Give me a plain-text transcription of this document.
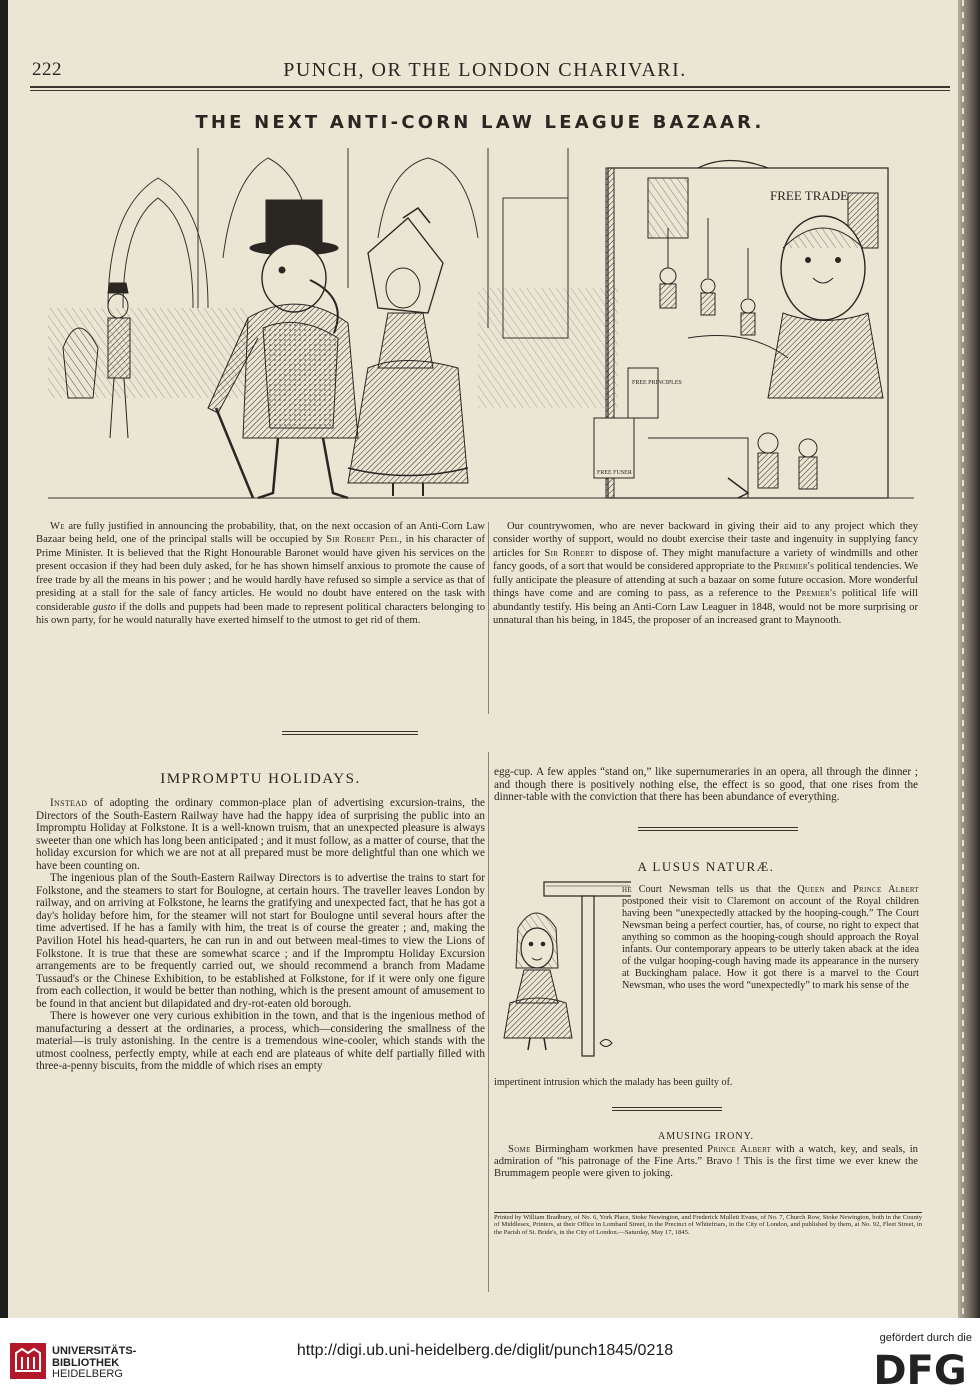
222	PUNCH, OR THE LONDON CHARIVARI.
THE NEXT ANTI-CORN LAW LEAGUE BAZAAR.
FREE TRADE
FREE PRINCIPLES
FREE FUSER

We are fully justified in announcing the probability, that, on the next occasion of an Anti-Corn Law Bazaar being held, one of the principal stalls will be occupied by Sir Robert Peel, in his character of Prime Minister. It is believed that the Right Honourable Baronet would have given his services on the present occasion if they had been duly asked, for he has shown himself anxious to promote the cause of free trade by all the means in his power ; and he would hardly have refused so simple a service as that of presiding at a stall for the sale of fancy articles. He would no doubt have entered on the task with considerable gusto if the dolls and puppets had been made to represent political characters belonging to his own party, for he would naturally have exerted himself to the utmost to get rid of them.

Our countrywomen, who are never backward in giving their aid to any project which they consider worthy of support, would no doubt exercise their taste and ingenuity in supplying fancy articles for Sir Robert to dispose of. They might manufacture a variety of windmills and other fancy goods, of a sort that would be considered appropriate to the Premier's political tendencies. We fully anticipate the pleasure of attending at such a bazaar on some future occasion. More wonderful things have come and are coming to pass, as a reference to the Premier's political life will abundantly testify. His being an Anti-Corn Law Leaguer in 1848, would not be more surprising or unnatural than his being, in 1845, the proposer of an increased grant to Maynooth.

IMPROMPTU HOLIDAYS.

Instead of adopting the ordinary common-place plan of advertising excursion-trains, the Directors of the South-Eastern Railway have had the happy idea of surprising the public into an Impromptu Holiday at Folkstone. It is a well-known truism, that an unexpected pleasure is always sweeter than one which has long been anticipated ; and it must follow, as a matter of course, that the holiday excursion for which we are not at all prepared must be more delightful than one which we have been counting on.

The ingenious plan of the South-Eastern Railway Directors is to advertise the trains to start for Folkstone, and the steamers to start for Boulogne, at certain hours. The traveller leaves London by railway, and on arriving at Folkstone, he learns the gratifying and unexpected fact, that he has got a day's holiday before him, for the steamer will not start for Boulogne until several hours after the time advertised. If he has a family with him, the treat is of course the greater ; and, making the Pavilion Hotel his head-quarters, he can run in and out between meal-times to view the Lions of Folkstone. It is true that these are somewhat scarce ; and if the Impromptu Holiday Excursion arrangements are to be frequently carried out, we should recommend a branch from Madame Tussaud's or the Chinese Exhibition, to be established at Folkstone, for if it were only one figure from each collection, it would be better than nothing, which is the present amount of amusement to be found in that ancient but dilapidated and dry-rot-eaten old borough.

There is however one very curious exhibition in the town, and that is the ingenious method of manufacturing a dessert at the ordinaries, a process, which—considering the smallness of the material—is truly astonishing. In the centre is a tremendous wine-cooler, which stands with the utmost coolness, perfectly empty, while at each end are plateaus of white delf partially filled with three-a-penny biscuits, from the middle of which rises an empty

egg-cup. A few apples “stand on,” like supernumeraries in an opera, all through the dinner ; and though there is positively nothing else, the effect is so good, that one rises from the dinner-table with the conviction that there has been abundance of everything.

A LUSUS NATURÆ.

he Court Newsman tells us that the Queen and Prince Albert postponed their visit to Claremont on account of the Royal children having been “unexpectedly attacked by the hooping-cough.” The Court Newsman being a perfect courtier, has, of course, no right to expect that anything so common as the hooping-cough should approach the Royal infants. Our contemporary appears to be utterly taken aback at the idea of the vulgar hooping-cough having made its appearance in the nursery at Buckingham palace. How it got there is a marvel to the Court Newsman, who uses the word “unexpectedly” to mark his sense of the

impertinent intrusion which the malady has been guilty of.

AMUSING IRONY.

Some Birmingham workmen have presented Prince Albert with a watch, key, and seals, in admiration of “his patronage of the Fine Arts.” Bravo ! This is the first time we ever knew the Brummagem people were given to joking.

Printed by William Bradbury, of No. 6, York Place, Stoke Newington, and Frederick Mullett Evans, of No. 7, Church Row, Stoke Newington, both in the County of Middlesex, Printers, at their Office in Lombard Street, in the Precinct of Whitefriars, in the City of London, and published by them, at No. 92, Fleet Street, in the Parish of St. Bride's, in the City of London.—Saturday, May 17, 1845.
UNIVERSITÄTS-
BIBLIOTHEK
HEIDELBERG
http://digi.ub.uni-heidelberg.de/diglit/punch1845/0218
gefördert durch die
DFG
